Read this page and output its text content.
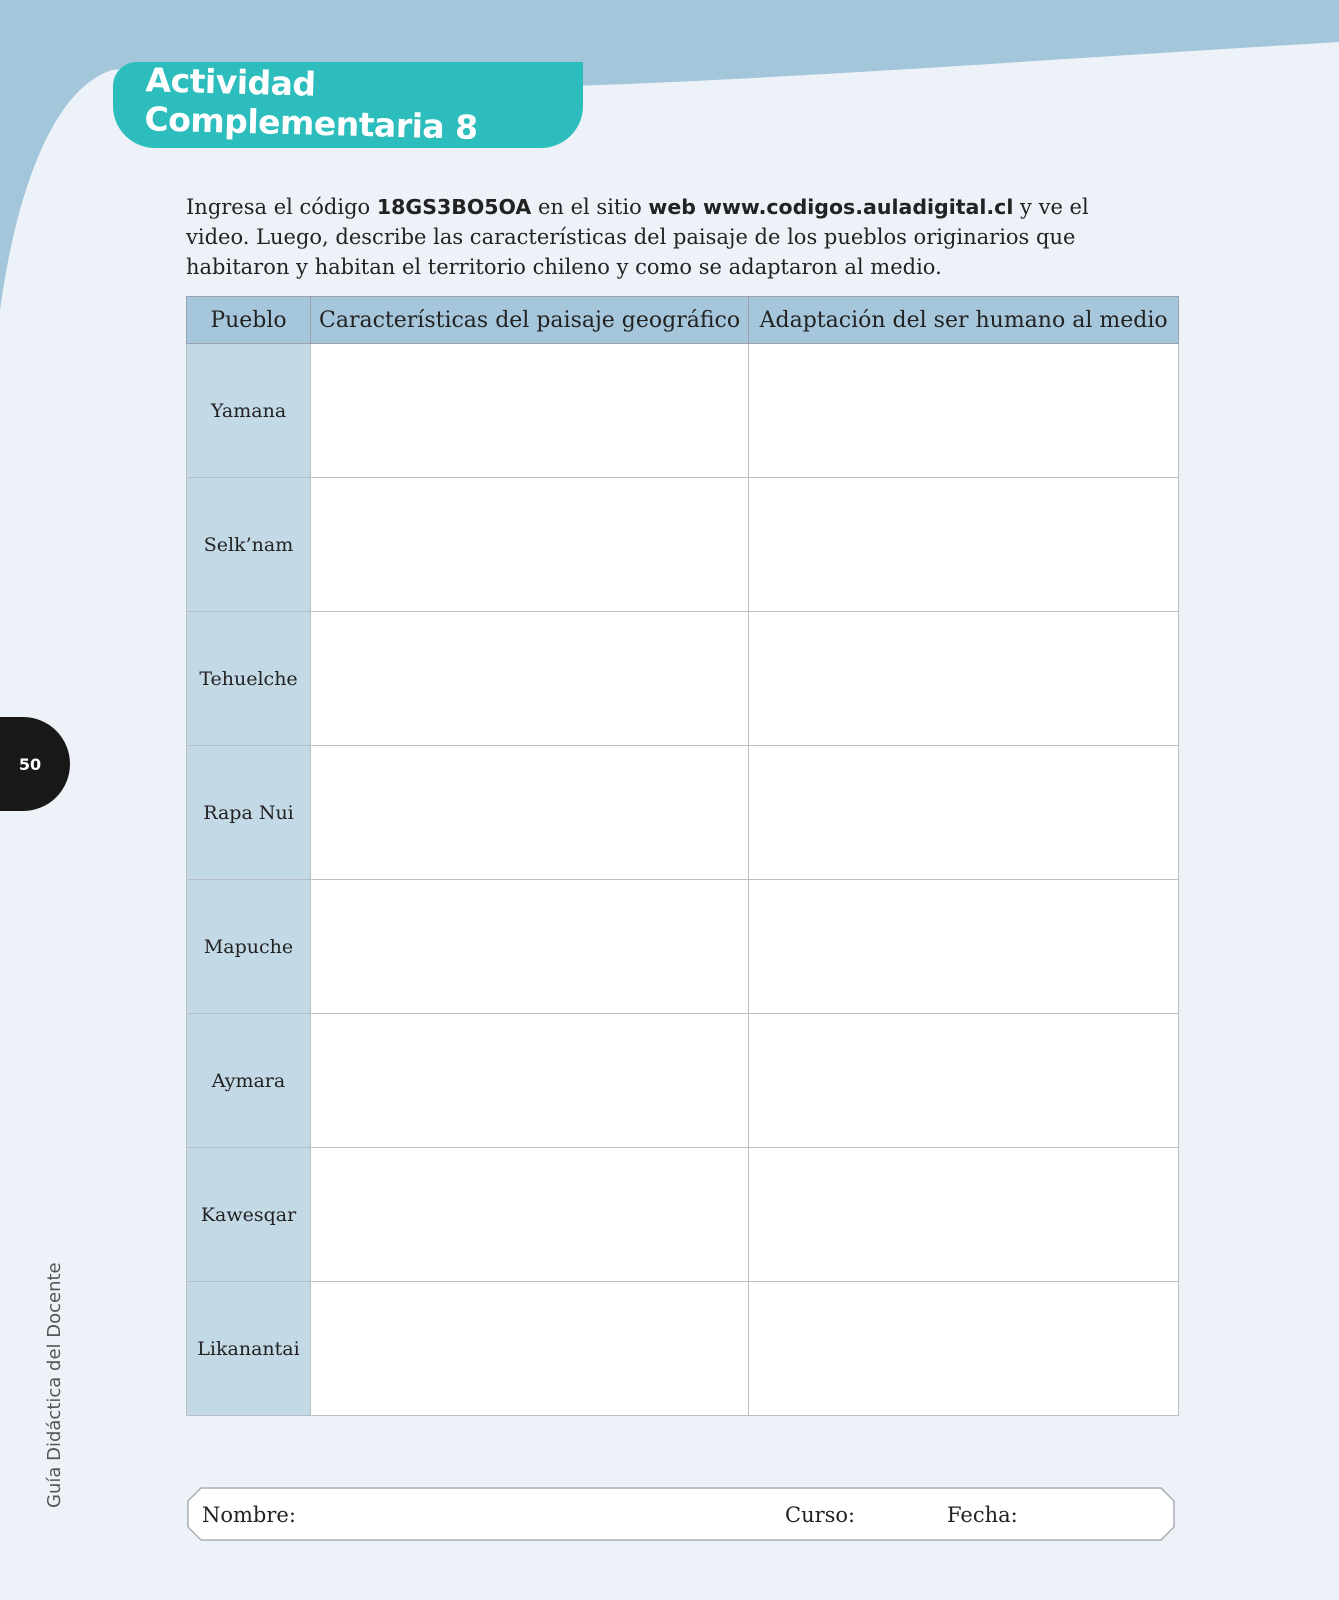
Actividad Complementaria 8
Ingresa el código 18GS3BO5OA en el sitio web www.codigos.auladigital.cl y ve el video. Luego, describe las características del paisaje de los pueblos originarios que habitaron y habitan el territorio chileno y como se adaptaron al medio.
Pueblo	Características del paisaje geográfico	Adaptación del ser humano al medio
Yamana		
Selk’nam		
Tehuelche		
Rapa Nui		
Mapuche		
Aymara		
Kawesqar		
Likanantai		
50
Guía Didáctica del Docente
Nombre:	Curso:	Fecha:
